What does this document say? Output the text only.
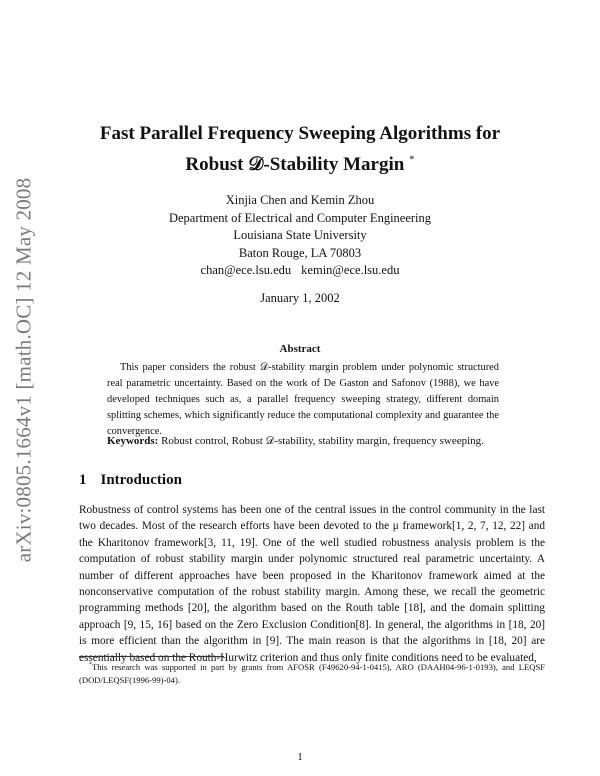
arXiv:0805.1664v1 [math.OC] 12 May 2008
Fast Parallel Frequency Sweeping Algorithms for
Robust 𝒟-Stability Margin *
Xinjia Chen and Kemin Zhou
Department of Electrical and Computer Engineering
Louisiana State University
Baton Rouge, LA 70803
chan@ece.lsu.edu kemin@ece.lsu.edu
January 1, 2002
Abstract

This paper considers the robust 𝒟-stability margin problem under polynomic structured real parametric uncertainty. Based on the work of De Gaston and Safonov (1988), we have developed techniques such as, a parallel frequency sweeping strategy, different domain splitting schemes, which significantly reduce the computational complexity and guarantee the convergence.

Keywords: Robust control, Robust 𝒟-stability, stability margin, frequency sweeping.
1 Introduction

Robustness of control systems has been one of the central issues in the control community in the last two decades. Most of the research efforts have been devoted to the μ framework[1, 2, 7, 12, 22] and the Kharitonov framework[3, 11, 19]. One of the well studied robustness analysis problem is the computation of robust stability margin under polynomic structured real parametric uncertainty. A number of different approaches have been proposed in the Kharitonov framework aimed at the nonconservative computation of the robust stability margin. Among these, we recall the geometric programming methods [20], the algorithm based on the Routh table [18], and the domain splitting approach [9, 15, 16] based on the Zero Exclusion Condition[8]. In general, the algorithms in [18, 20] is more efficient than the algorithm in [9]. The main reason is that the algorithms in [18, 20] are essentially based on the Routh-Hurwitz criterion and thus only finite conditions need to be evaluated,

*This research was supported in part by grants from AFOSR (F49620-94-1-0415), ARO (DAAH04-96-1-0193), and LEQSF (DOD/LEQSF(1996-99)-04).

1
